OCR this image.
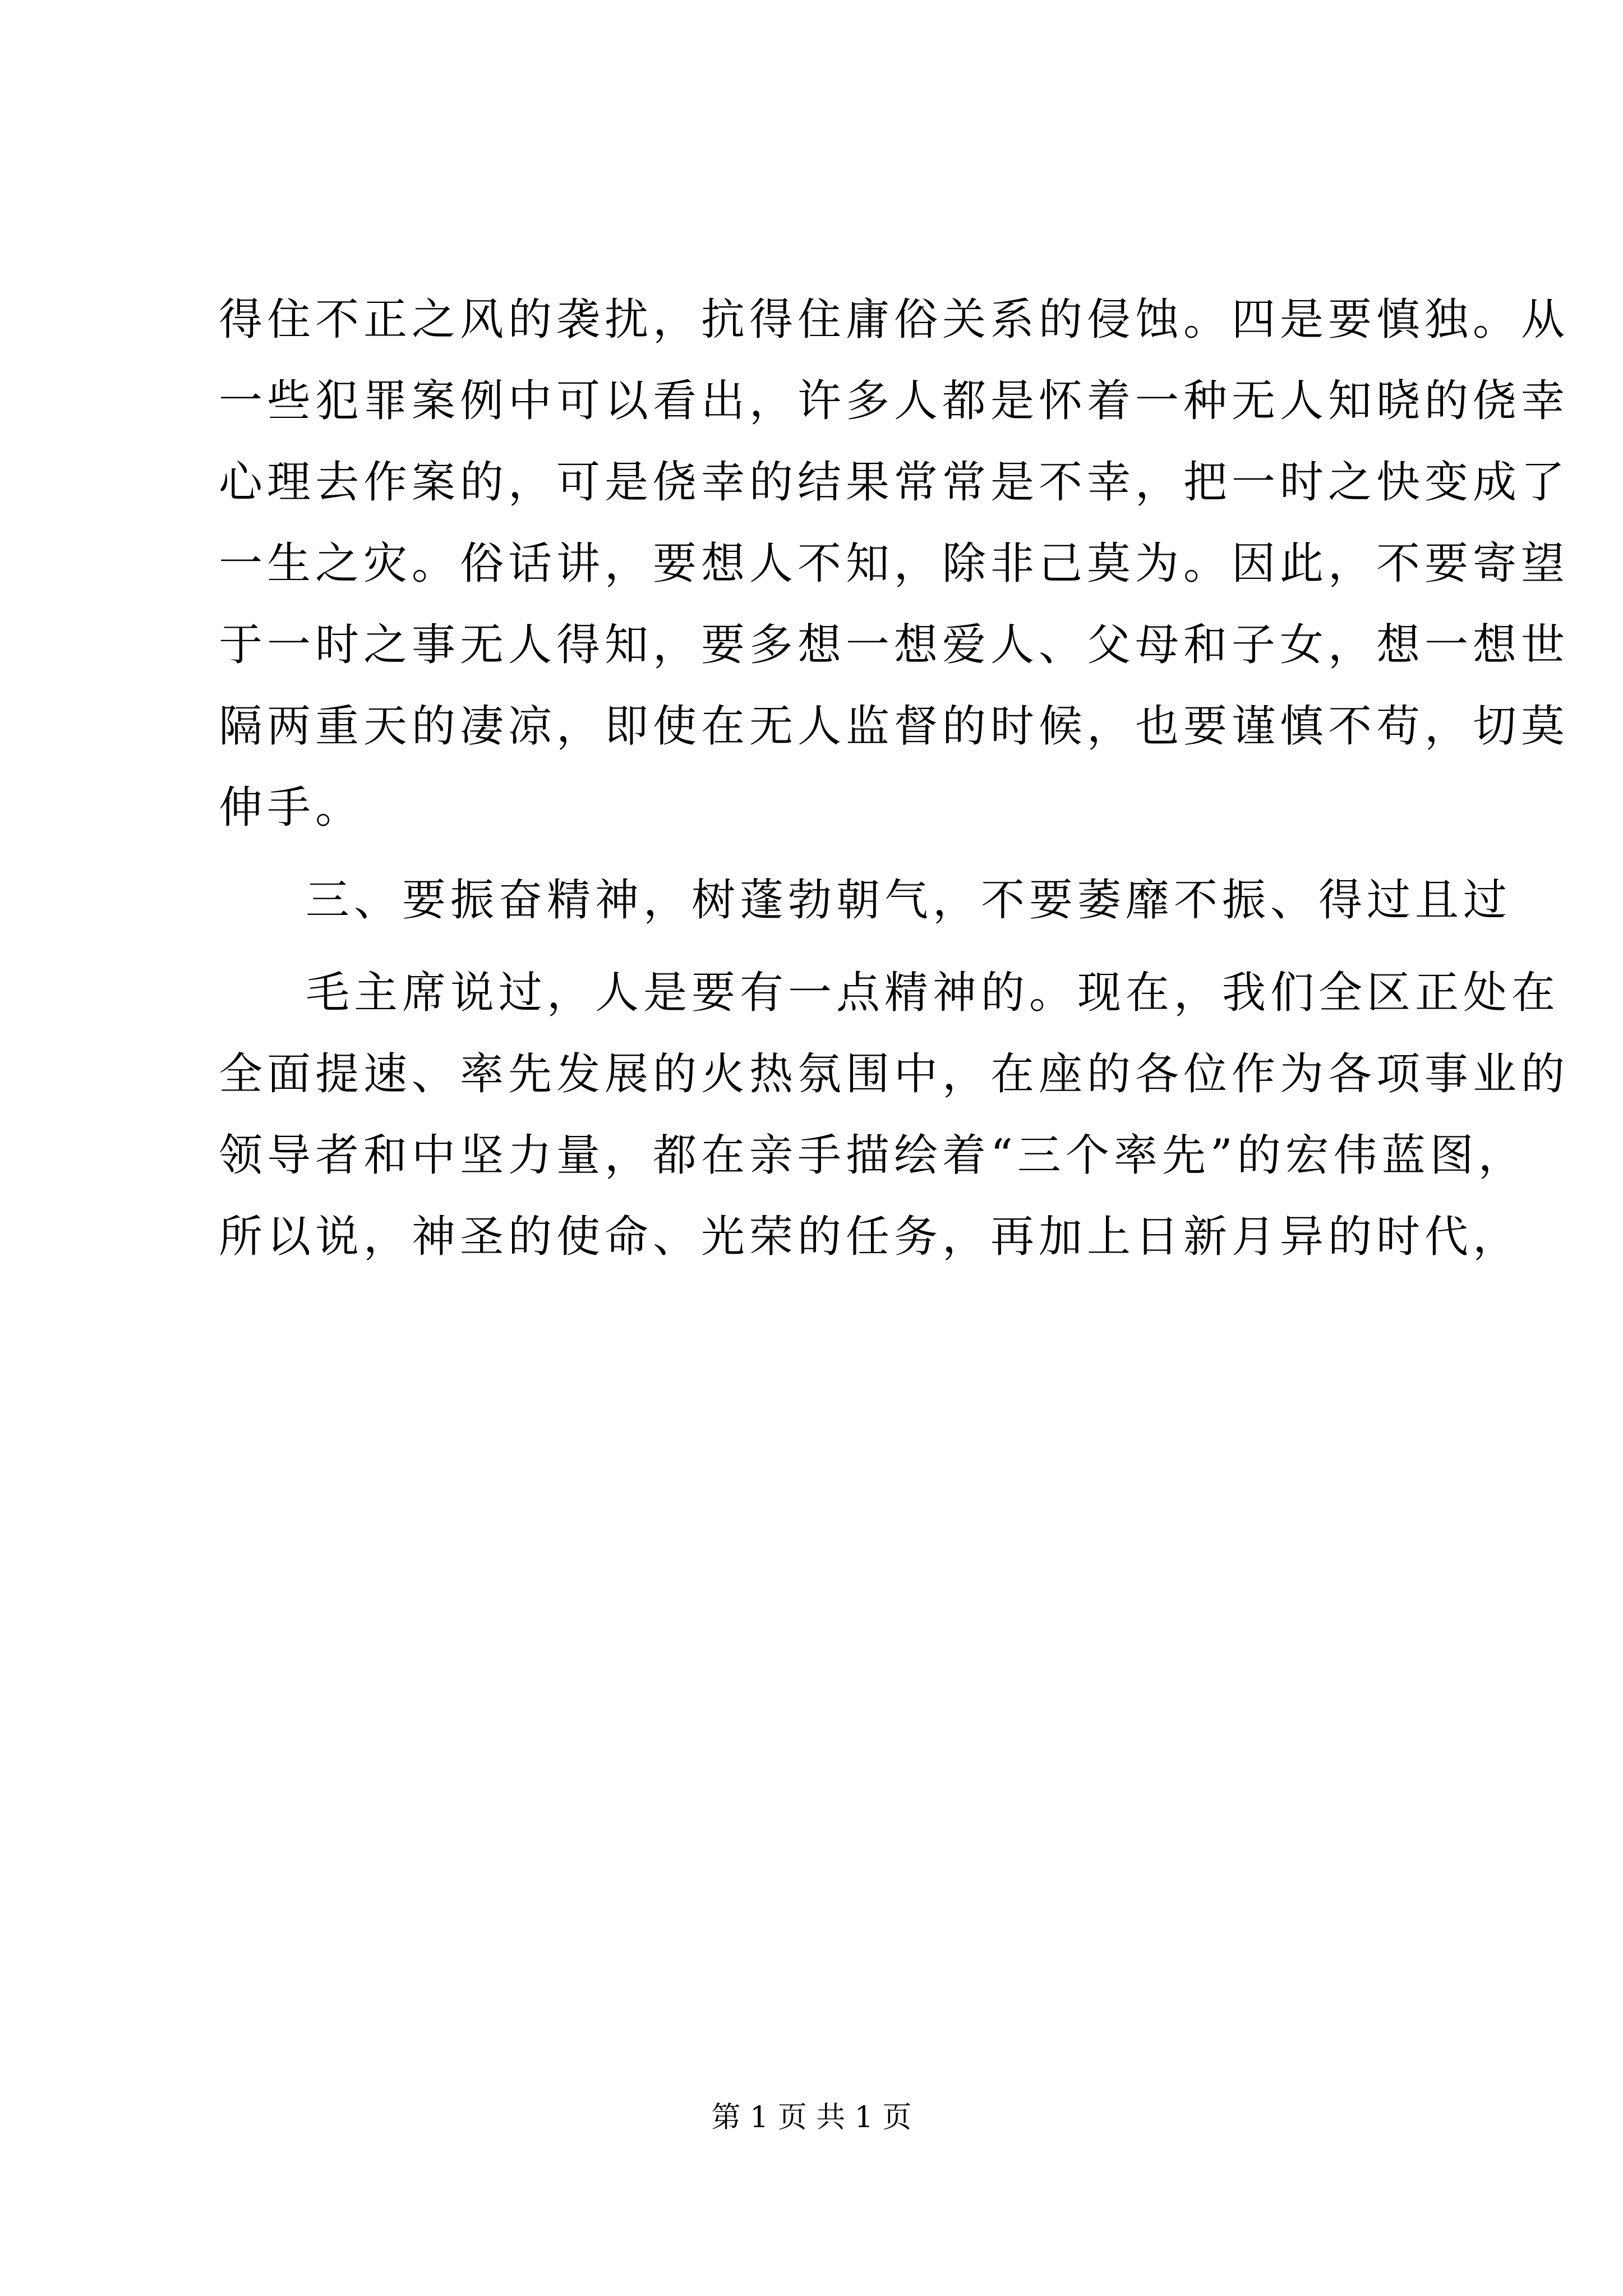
得住不正之风的袭扰，抗得住庸俗关系的侵蚀。四是要慎独。从
一些犯罪案例中可以看出，许多人都是怀着一种无人知晓的侥幸
心理去作案的，可是侥幸的结果常常是不幸，把一时之快变成了
一生之灾。俗话讲，要想人不知，除非己莫为。因此，不要寄望
于一时之事无人得知，要多想一想爱人、父母和子女，想一想世
隔两重天的凄凉，即使在无人监督的时候，也要谨慎不苟，切莫
伸手。
三、要振奋精神，树蓬勃朝气，不要萎靡不振、得过且过
毛主席说过，人是要有一点精神的。现在，我们全区正处在
全面提速、率先发展的火热氛围中，在座的各位作为各项事业的
领导者和中坚力量，都在亲手描绘着“三个率先”的宏伟蓝图，
所以说，神圣的使命、光荣的任务，再加上日新月异的时代，
第 1 页 共 1 页
